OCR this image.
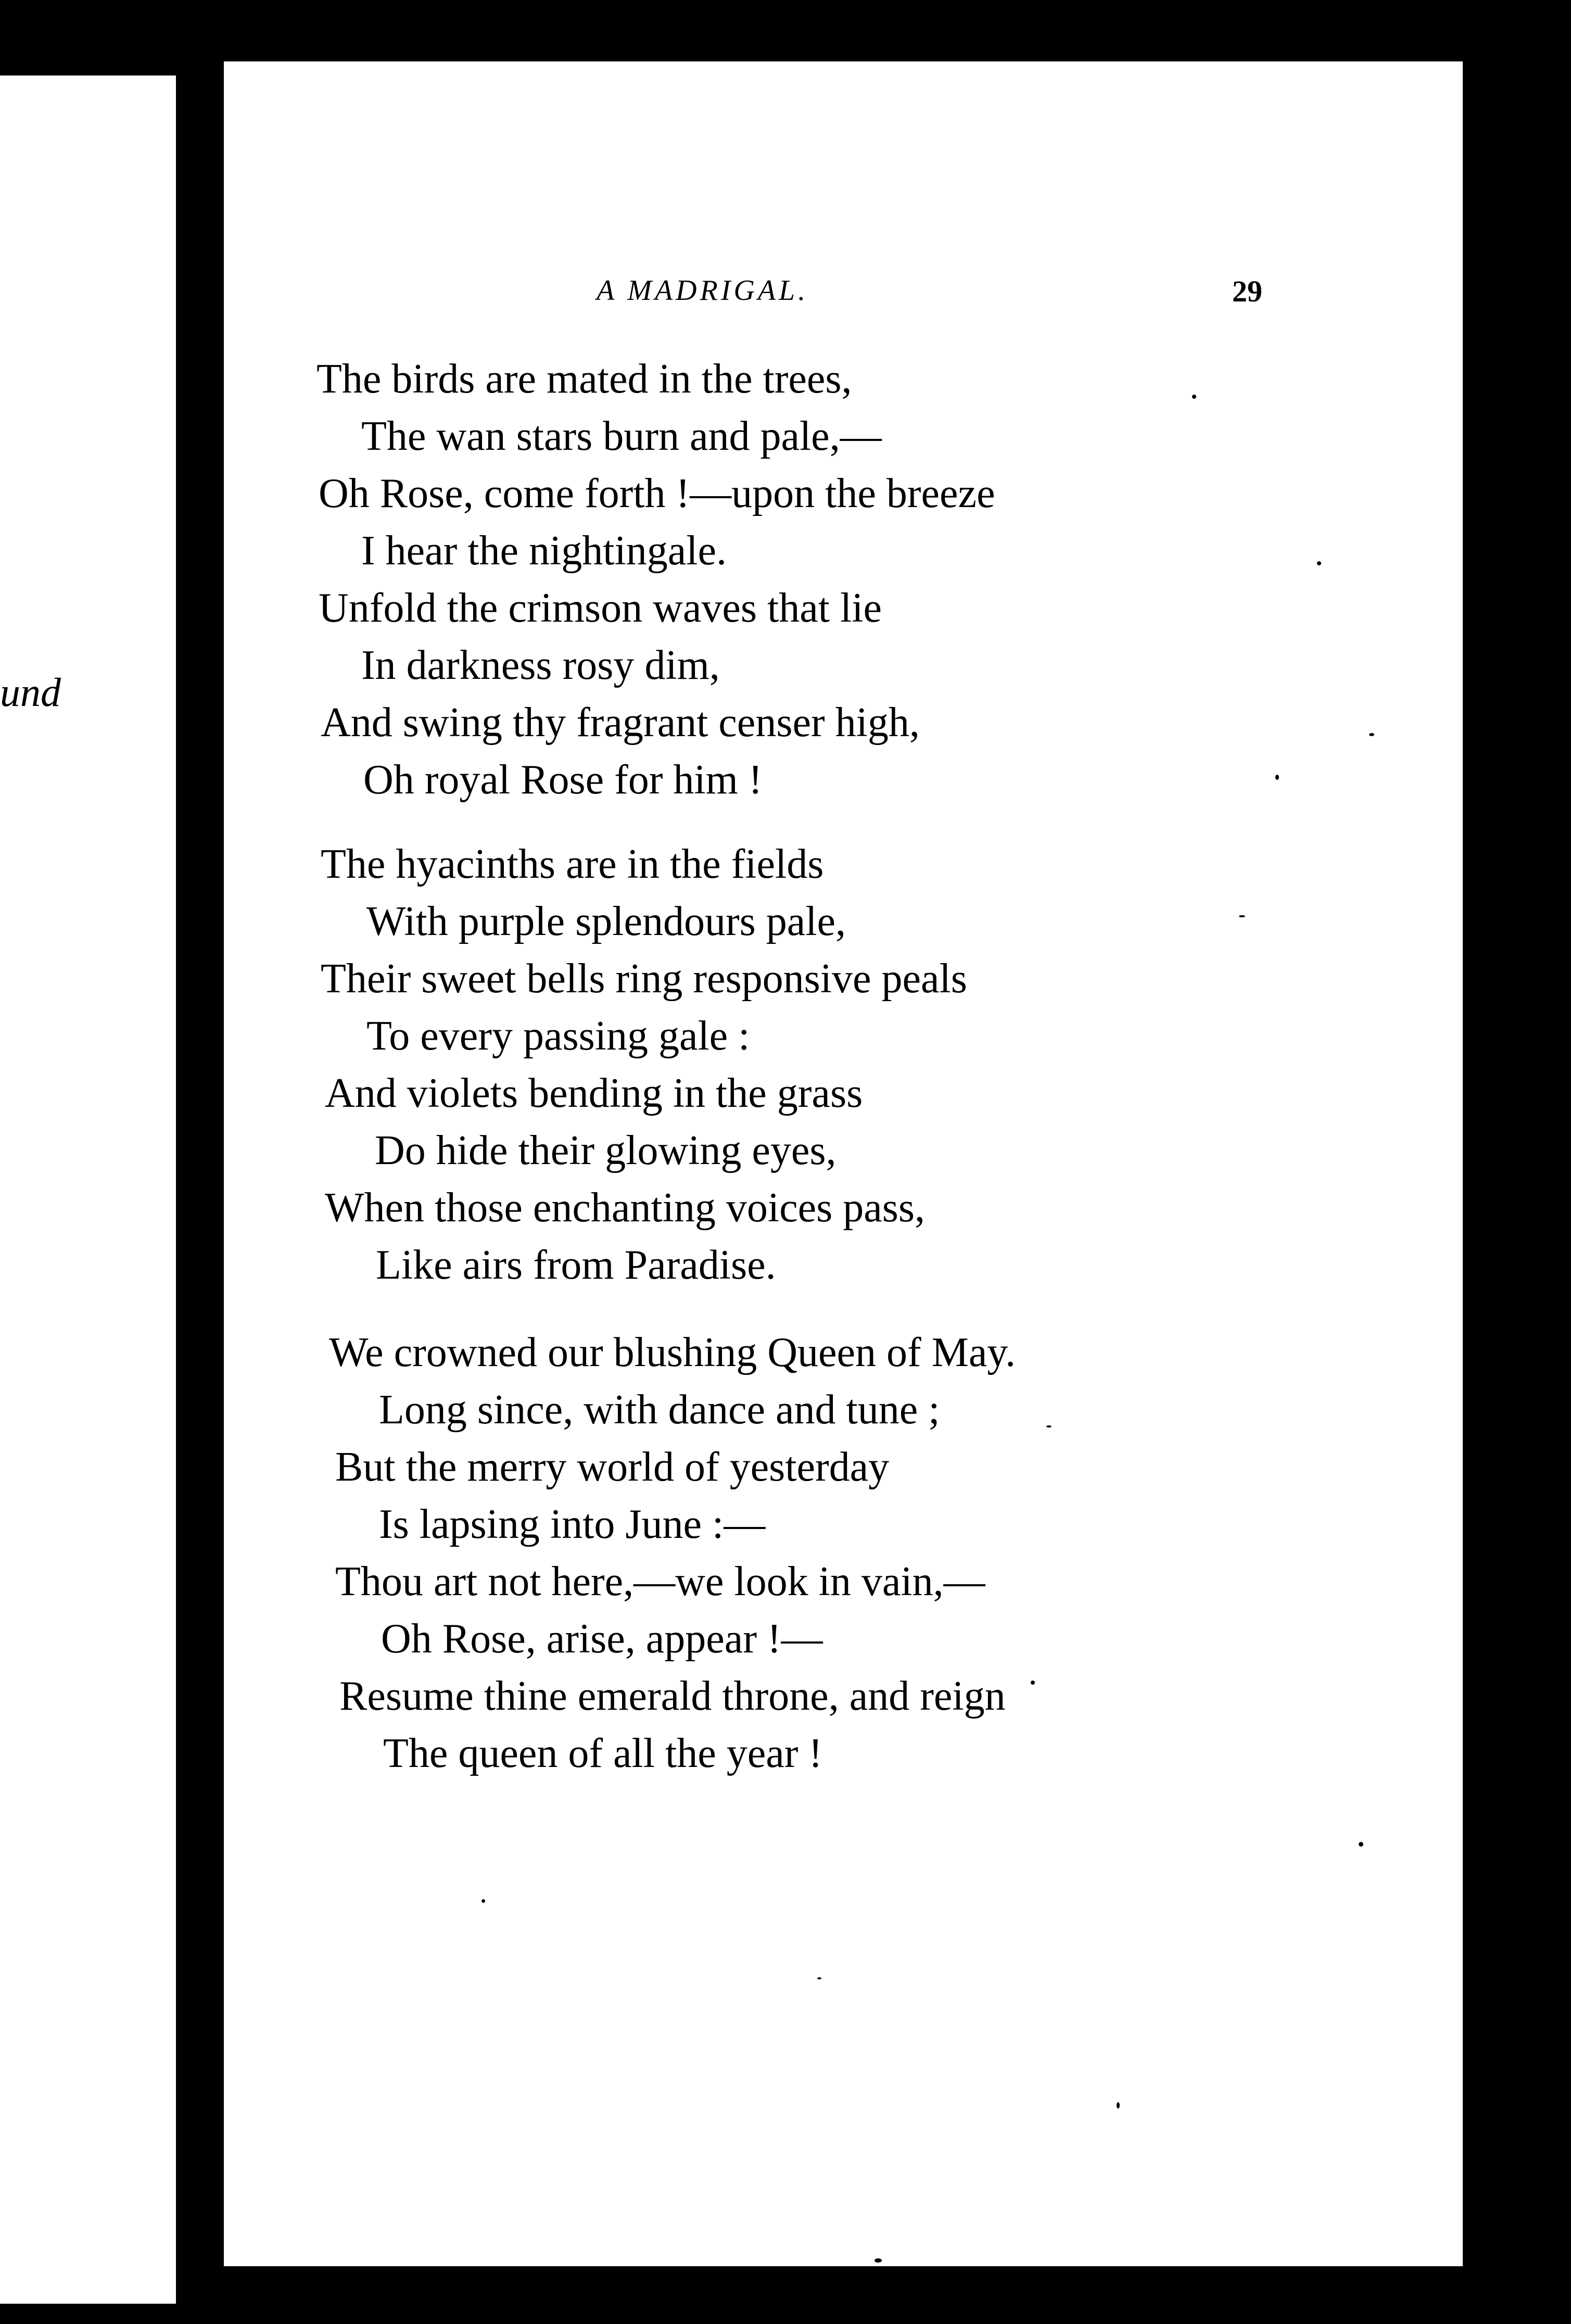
und
A MADRIGAL.	29
The birds are mated in the trees,
The wan stars burn and pale,—
Oh Rose, come forth !—upon the breeze
I hear the nightingale.
Unfold the crimson waves that lie
In darkness rosy dim,
And swing thy fragrant censer high,
Oh royal Rose for him !
The hyacinths are in the fields
With purple splendours pale,
Their sweet bells ring responsive peals
To every passing gale :
And violets bending in the grass
Do hide their glowing eyes,
When those enchanting voices pass,
Like airs from Paradise.
We crowned our blushing Queen of May.
Long since, with dance and tune ;
But the merry world of yesterday
Is lapsing into June :—
Thou art not here,—we look in vain,—
Oh Rose, arise, appear !—
Resume thine emerald throne, and reign
The queen of all the year !
